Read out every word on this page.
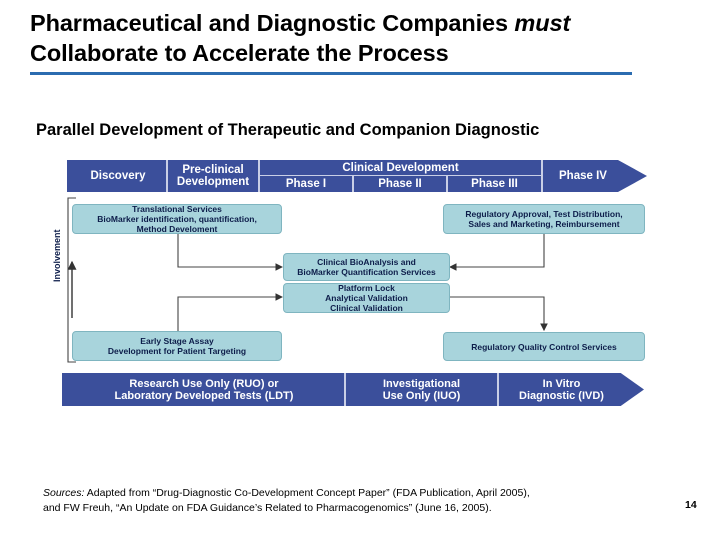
Pharmaceutical and Diagnostic Companies must
Collaborate to Accelerate the Process
Parallel Development of Therapeutic and Companion Diagnostic
Discovery	Pre-clinical
Development
Clinical Development
Phase I	Phase II	Phase III
Phase IV
Involvement
Translational Services
BioMarker identification, quantification,
Method Develoment
Regulatory Approval, Test Distribution,
Sales and Marketing, Reimbursement
Clinical BioAnalysis and
BioMarker Quantification Services
Platform Lock
Analytical Validation
Clinical Validation
Early Stage Assay
Development for Patient Targeting	Regulatory Quality Control Services
Research Use Only (RUO) or
Laboratory Developed Tests (LDT)
Investigational
Use Only (IUO)
In Vitro
Diagnostic (IVD)
Sources: Adapted from “Drug-Diagnostic Co-Development Concept Paper” (FDA Publication, April 2005),
and FW Freuh, “An Update on FDA Guidance’s Related to Pharmacogenomics” (June 16, 2005).	14
